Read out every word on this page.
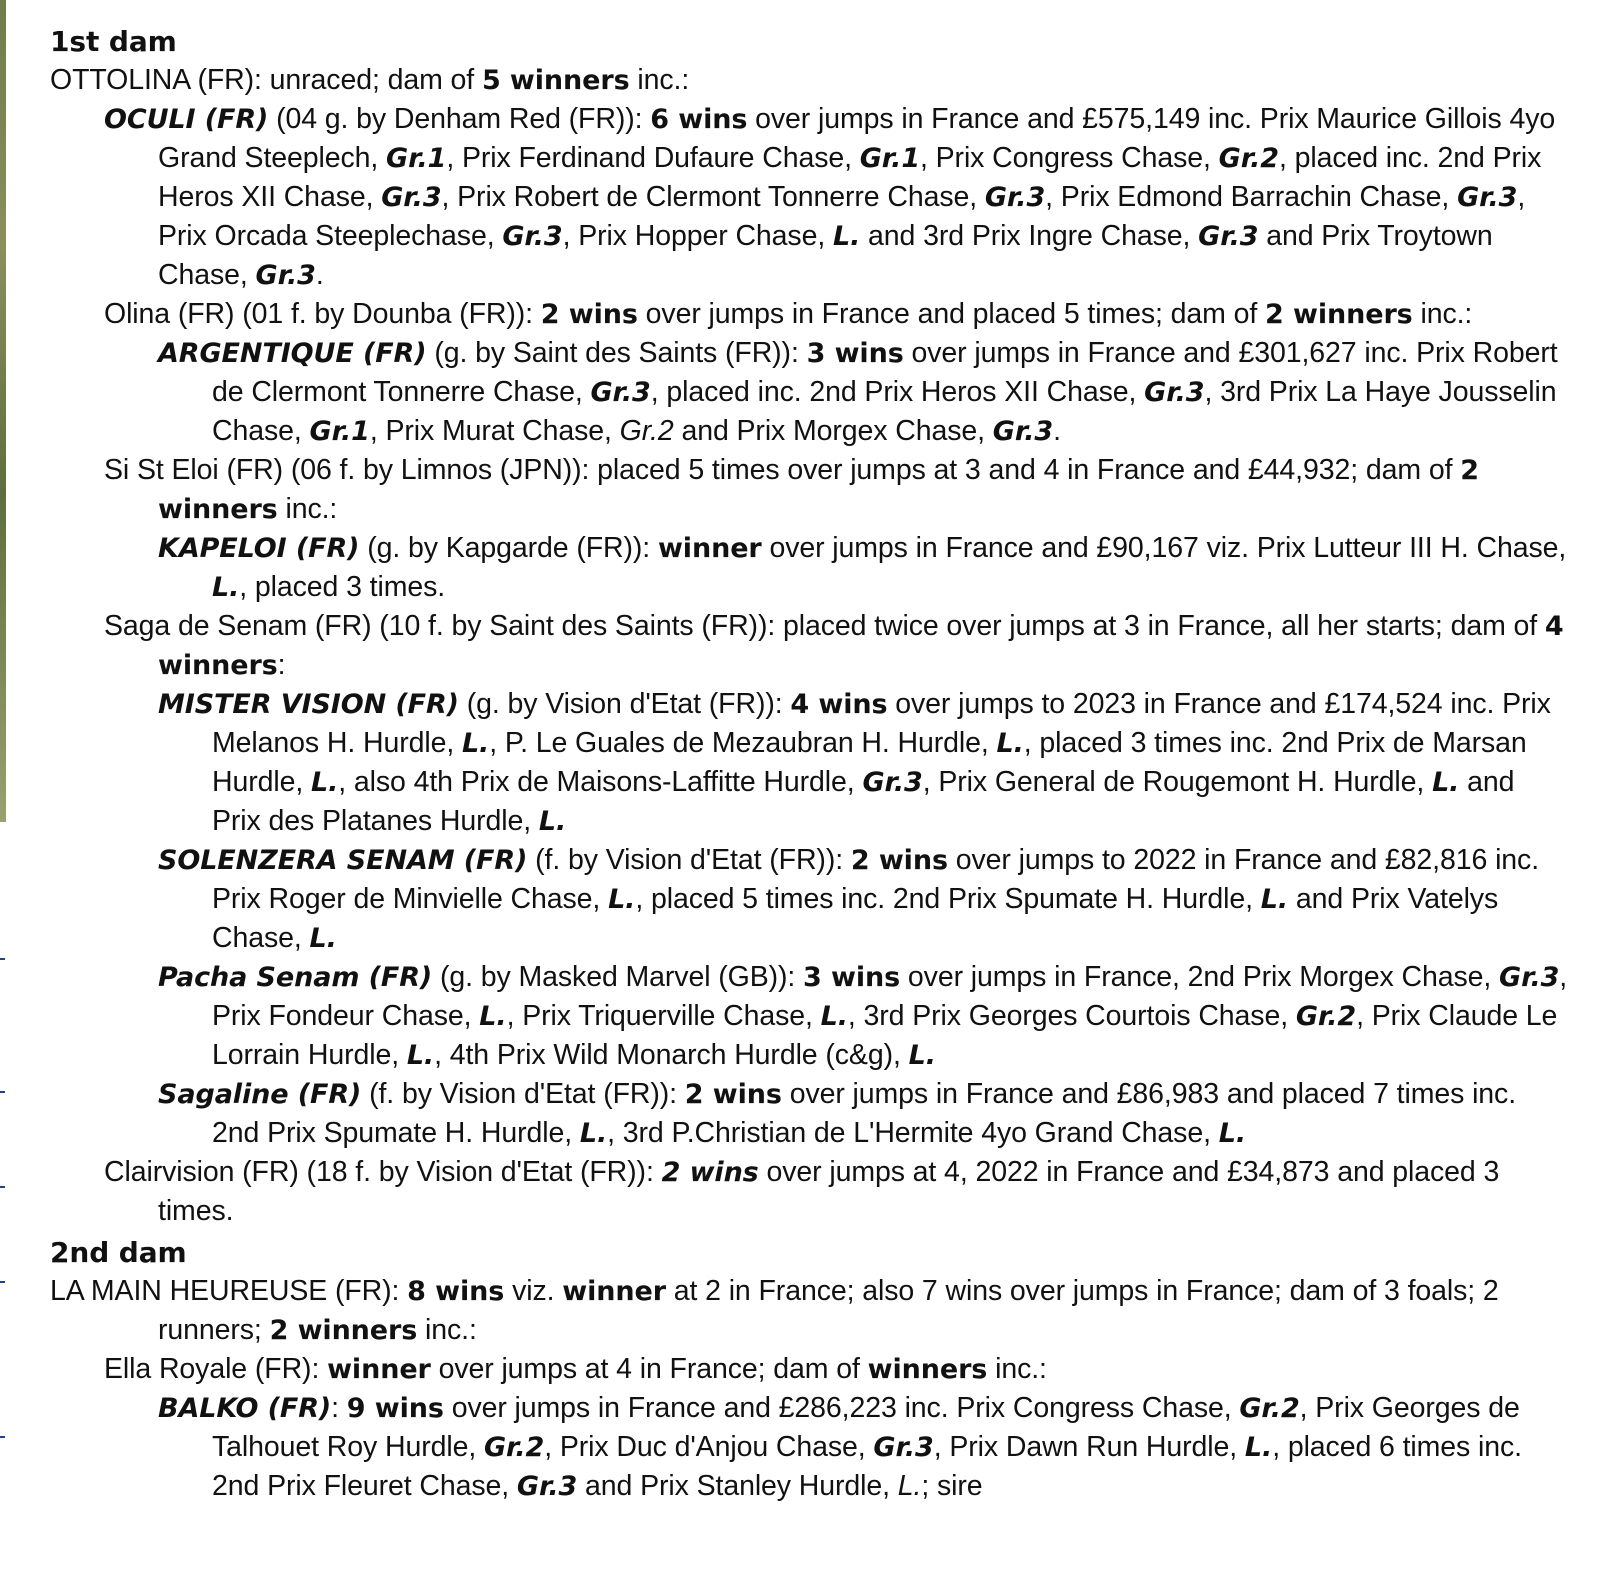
1st dam

OTTOLINA (FR): unraced; dam of 5 winners inc.:

OCULI (FR) (04 g. by Denham Red (FR)): 6 wins over jumps in France and £575,149 inc. Prix Maurice Gillois 4yo Grand Steeplech, Gr.1, Prix Ferdinand Dufaure Chase, Gr.1, Prix Congress Chase, Gr.2, placed inc. 2nd Prix Heros XII Chase, Gr.3, Prix Robert de Clermont Tonnerre Chase, Gr.3, Prix Edmond Barrachin Chase, Gr.3, Prix Orcada Steeplechase, Gr.3, Prix Hopper Chase, L. and 3rd Prix Ingre Chase, Gr.3 and Prix Troytown Chase, Gr.3.

Olina (FR) (01 f. by Dounba (FR)): 2 wins over jumps in France and placed 5 times; dam of 2 winners inc.:

ARGENTIQUE (FR) (g. by Saint des Saints (FR)): 3 wins over jumps in France and £301,627 inc. Prix Robert de Clermont Tonnerre Chase, Gr.3, placed inc. 2nd Prix Heros XII Chase, Gr.3, 3rd Prix La Haye Jousselin Chase, Gr.1, Prix Murat Chase, Gr.2 and Prix Morgex Chase, Gr.3.

Si St Eloi (FR) (06 f. by Limnos (JPN)): placed 5 times over jumps at 3 and 4 in France and £44,932; dam of 2 winners inc.:

KAPELOI (FR) (g. by Kapgarde (FR)): winner over jumps in France and £90,167 viz. Prix Lutteur III H. Chase, L., placed 3 times.

Saga de Senam (FR) (10 f. by Saint des Saints (FR)): placed twice over jumps at 3 in France, all her starts; dam of 4 winners:

MISTER VISION (FR) (g. by Vision d'Etat (FR)): 4 wins over jumps to 2023 in France and £174,524 inc. Prix Melanos H. Hurdle, L., P. Le Guales de Mezaubran H. Hurdle, L., placed 3 times inc. 2nd Prix de Marsan Hurdle, L., also 4th Prix de Maisons-Laffitte Hurdle, Gr.3, Prix General de Rougemont H. Hurdle, L. and Prix des Platanes Hurdle, L.

SOLENZERA SENAM (FR) (f. by Vision d'Etat (FR)): 2 wins over jumps to 2022 in France and £82,816 inc. Prix Roger de Minvielle Chase, L., placed 5 times inc. 2nd Prix Spumate H. Hurdle, L. and Prix Vatelys Chase, L.

Pacha Senam (FR) (g. by Masked Marvel (GB)): 3 wins over jumps in France, 2nd Prix Morgex Chase, Gr.3, Prix Fondeur Chase, L., Prix Triquerville Chase, L., 3rd Prix Georges Courtois Chase, Gr.2, Prix Claude Le Lorrain Hurdle, L., 4th Prix Wild Monarch Hurdle (c&g), L.

Sagaline (FR) (f. by Vision d'Etat (FR)): 2 wins over jumps in France and £86,983 and placed 7 times inc. 2nd Prix Spumate H. Hurdle, L., 3rd P.Christian de L'Hermite 4yo Grand Chase, L.

Clairvision (FR) (18 f. by Vision d'Etat (FR)): 2 wins over jumps at 4, 2022 in France and £34,873 and placed 3 times.

2nd dam

LA MAIN HEUREUSE (FR): 8 wins viz. winner at 2 in France; also 7 wins over jumps in France; dam of 3 foals; 2 runners; 2 winners inc.:

Ella Royale (FR): winner over jumps at 4 in France; dam of winners inc.:

BALKO (FR): 9 wins over jumps in France and £286,223 inc. Prix Congress Chase, Gr.2, Prix Georges de Talhouet Roy Hurdle, Gr.2, Prix Duc d'Anjou Chase, Gr.3, Prix Dawn Run Hurdle, L., placed 6 times inc. 2nd Prix Fleuret Chase, Gr.3 and Prix Stanley Hurdle, L.; sire
